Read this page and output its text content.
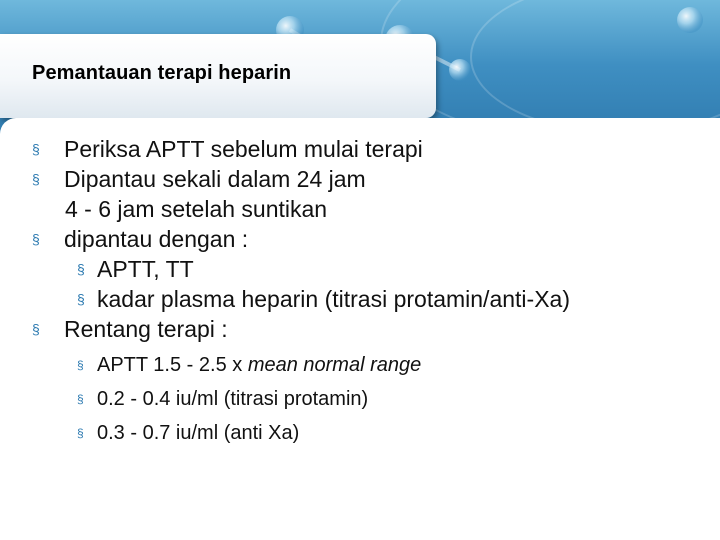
Pemantauan terapi heparin
§ Periksa APTT sebelum mulai terapi
§ Dipantau sekali dalam 24 jam
4 - 6 jam setelah suntikan
§ dipantau dengan :
§ APTT, TT
§ kadar plasma heparin (titrasi protamin/anti-Xa)
§ Rentang terapi :
§ APTT 1.5 - 2.5 x mean normal range
§ 0.2 - 0.4 iu/ml (titrasi protamin)
§ 0.3 - 0.7 iu/ml (anti Xa)
